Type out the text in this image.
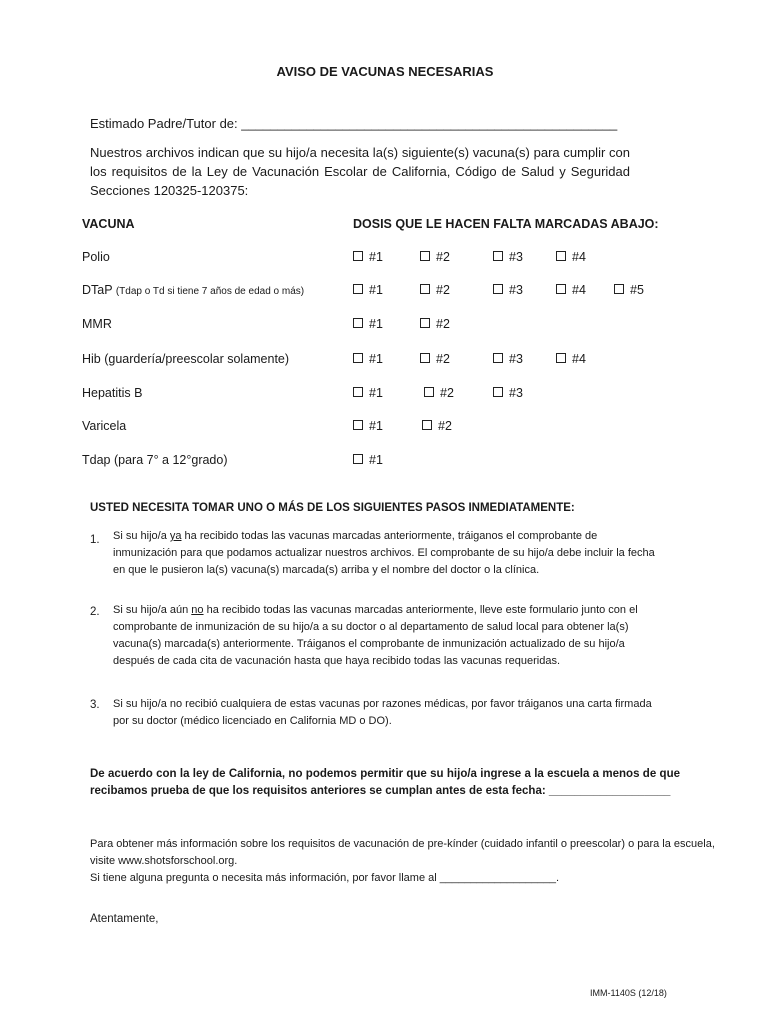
AVISO DE VACUNAS NECESARIAS
Estimado Padre/Tutor de: ____________________________________________________
Nuestros archivos indican que su hijo/a necesita la(s) siguiente(s) vacuna(s) para cumplir con los requisitos de la Ley de Vacunación Escolar de California, Código de Salud y Seguridad Secciones 120325-120375:
VACUNA	DOSIS QUE LE HACEN FALTA MARCADAS ABAJO:
Polio	#1	#2	#3	#4
DTaP (Tdap o Td si tiene 7 años de edad o más)	#1	#2	#3	#4	#5
MMR	#1	#2
Hib (guardería/preescolar solamente)	#1	#2	#3	#4
Hepatitis B	#1	#2	#3
Varicela	#1	#2
Tdap (para 7° a 12°grado)	#1
USTED NECESITA TOMAR UNO O MÁS DE LOS SIGUIENTES PASOS INMEDIATAMENTE:
1. Si su hijo/a ya ha recibido todas las vacunas marcadas anteriormente, tráiganos el comprobante de inmunización para que podamos actualizar nuestros archivos. El comprobante de su hijo/a debe incluir la fecha en que le pusieron la(s) vacuna(s) marcada(s) arriba y el nombre del doctor o la clínica.
2. Si su hijo/a aún no ha recibido todas las vacunas marcadas anteriormente, lleve este formulario junto con el comprobante de inmunización de su hijo/a a su doctor o al departamento de salud local para obtener la(s) vacuna(s) marcada(s) anteriormente. Tráiganos el comprobante de inmunización actualizado de su hijo/a después de cada cita de vacunación hasta que haya recibido todas las vacunas requeridas.
3. Si su hijo/a no recibió cualquiera de estas vacunas por razones médicas, por favor tráiganos una carta firmada por su doctor (médico licenciado en California MD o DO).
De acuerdo con la ley de California, no podemos permitir que su hijo/a ingrese a la escuela a menos de que recibamos prueba de que los requisitos anteriores se cumplan antes de esta fecha: ___________________
Para obtener más información sobre los requisitos de vacunación de pre-kínder (cuidado infantil o preescolar) o para la escuela, visite www.shotsforschool.org.
Si tiene alguna pregunta o necesita más información, por favor llame al ___________________.
Atentamente,
IMM-1140S (12/18)
